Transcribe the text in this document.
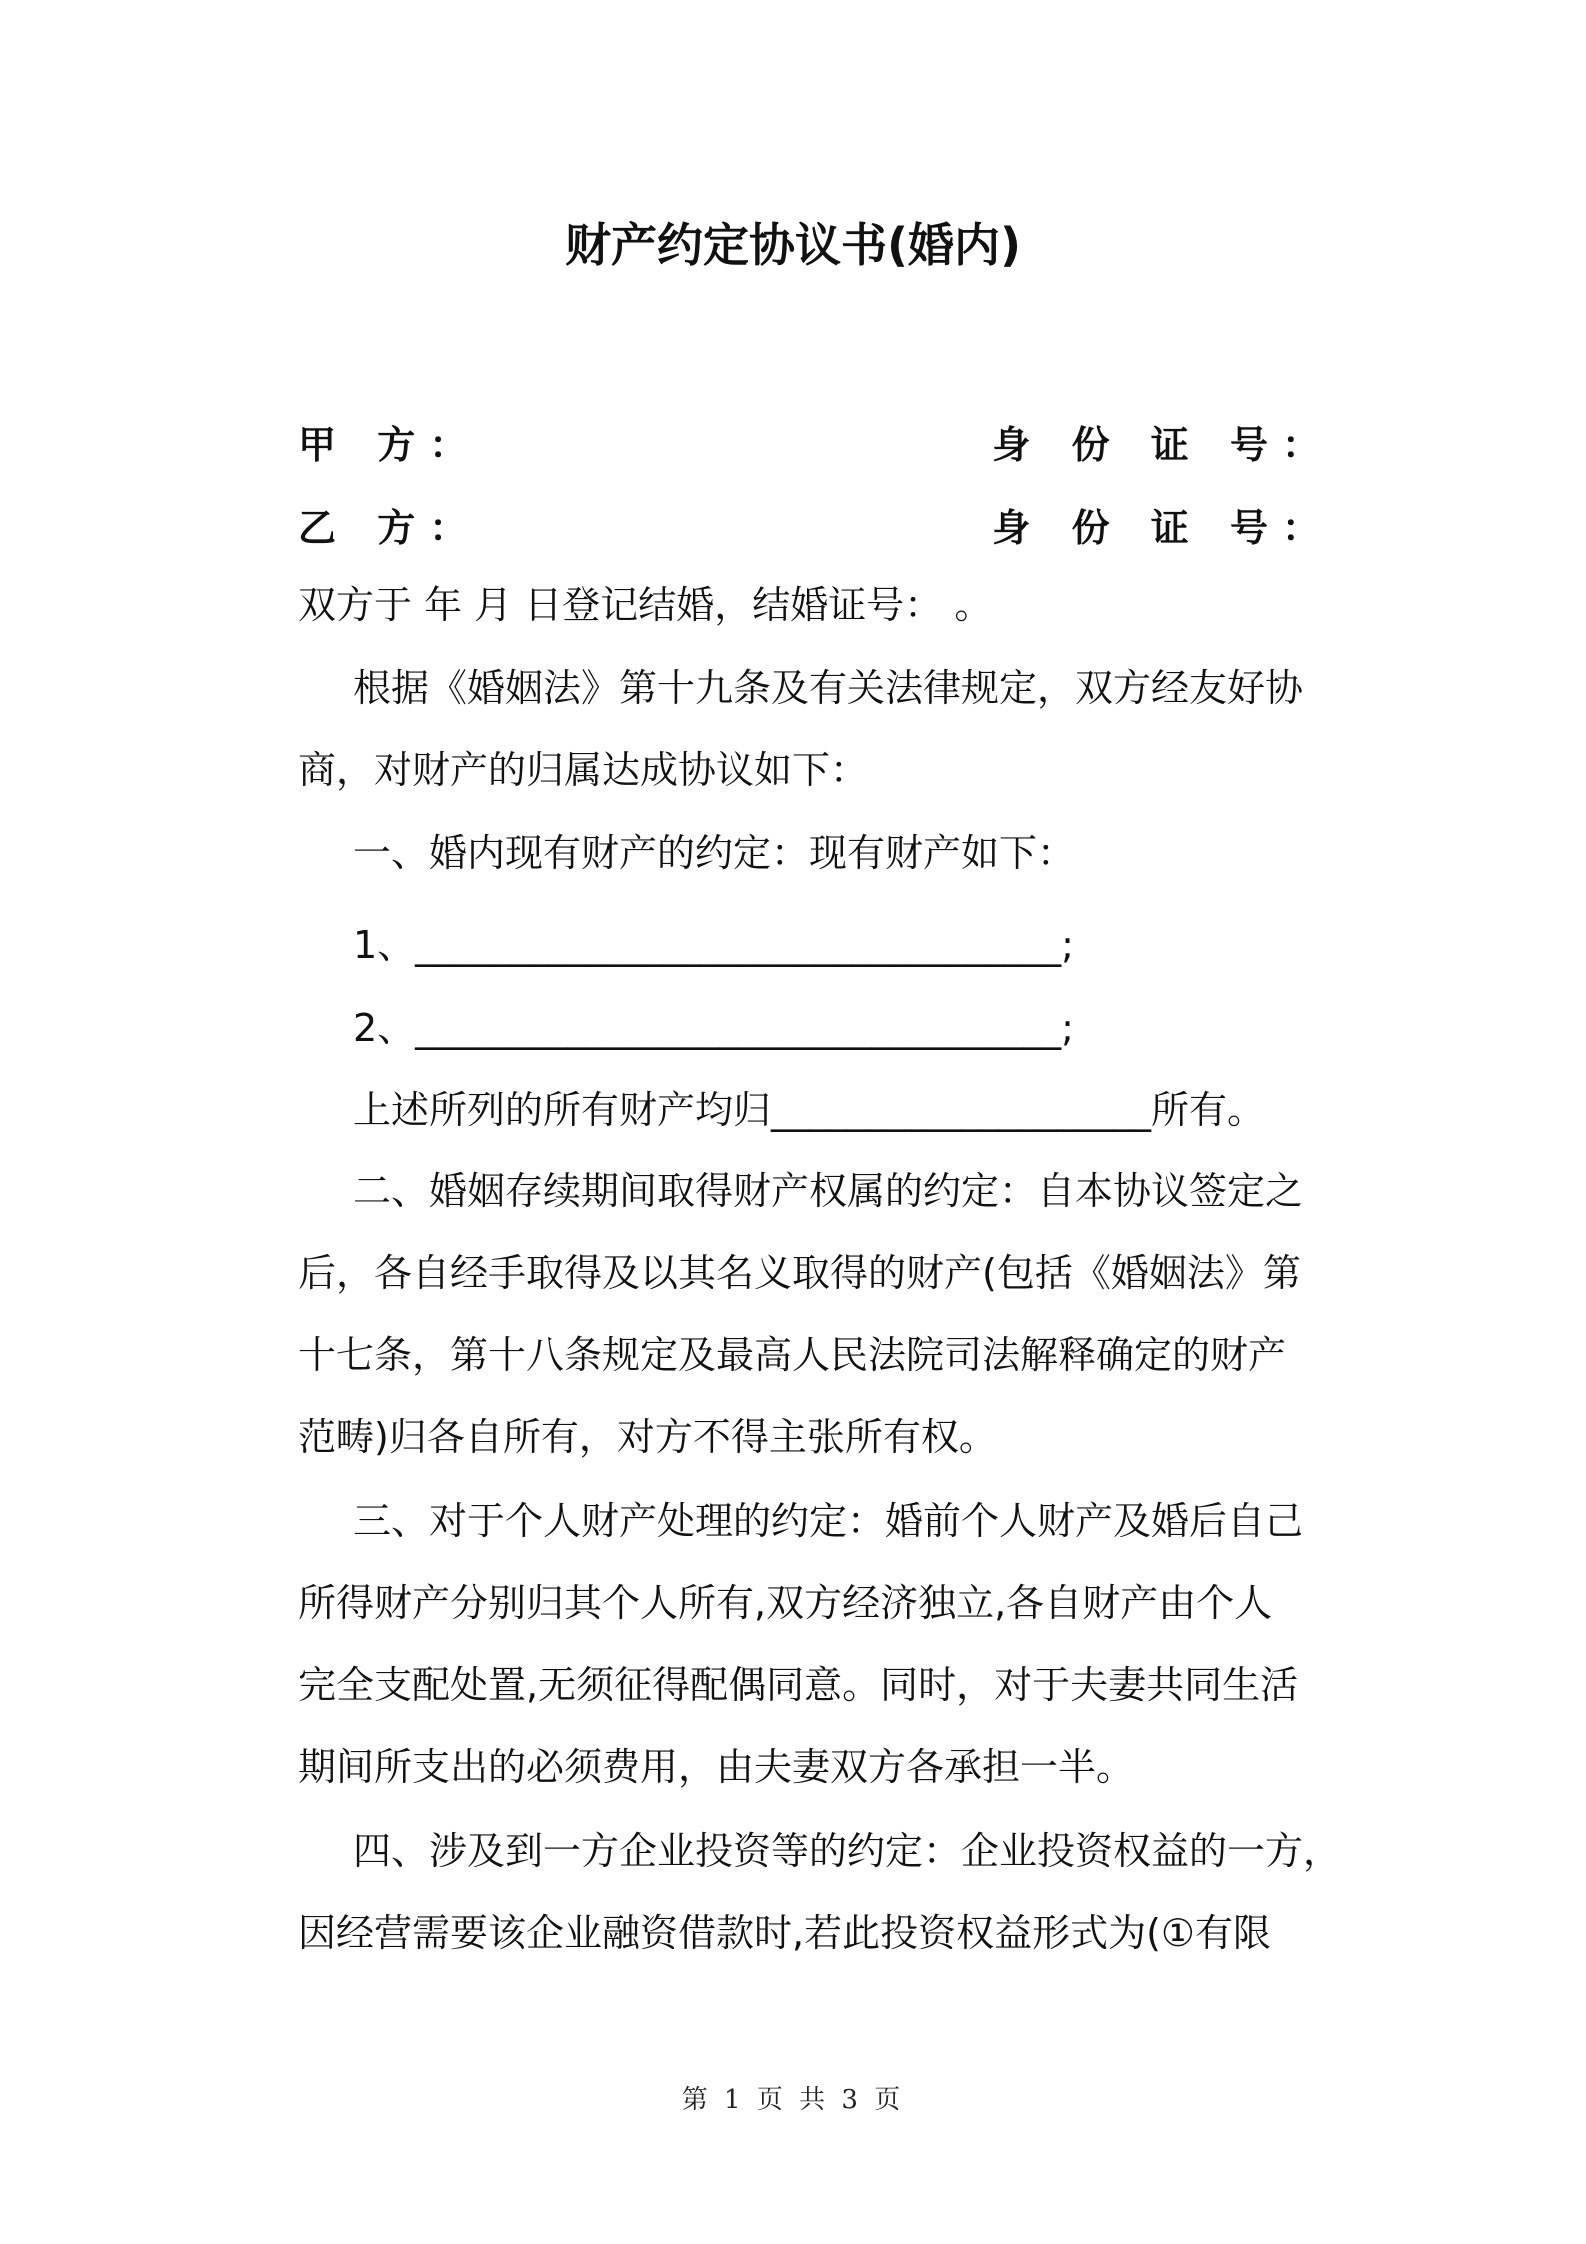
财产约定协议书(婚内)
甲 方：	身 份 证 号：
乙 方：	身 份 证 号：
双方于 年 月 日登记结婚，结婚证号： 。
根据《婚姻法》第十九条及有关法律规定，双方经友好协
商，对财产的归属达成协议如下：
一、婚内现有财产的约定：现有财产如下：
1、__________________________________;
2、__________________________________;
上述所列的所有财产均归____________________所有。
二、婚姻存续期间取得财产权属的约定：自本协议签定之
后，各自经手取得及以其名义取得的财产(包括《婚姻法》第
十七条，第十八条规定及最高人民法院司法解释确定的财产
范畴)归各自所有，对方不得主张所有权。
三、对于个人财产处理的约定：婚前个人财产及婚后自己
所得财产分别归其个人所有,双方经济独立,各自财产由个人
完全支配处置,无须征得配偶同意。同时，对于夫妻共同生活
期间所支出的必须费用，由夫妻双方各承担一半。
四、涉及到一方企业投资等的约定：企业投资权益的一方，
因经营需要该企业融资借款时,若此投资权益形式为(①有限
第 1 页 共 3 页
